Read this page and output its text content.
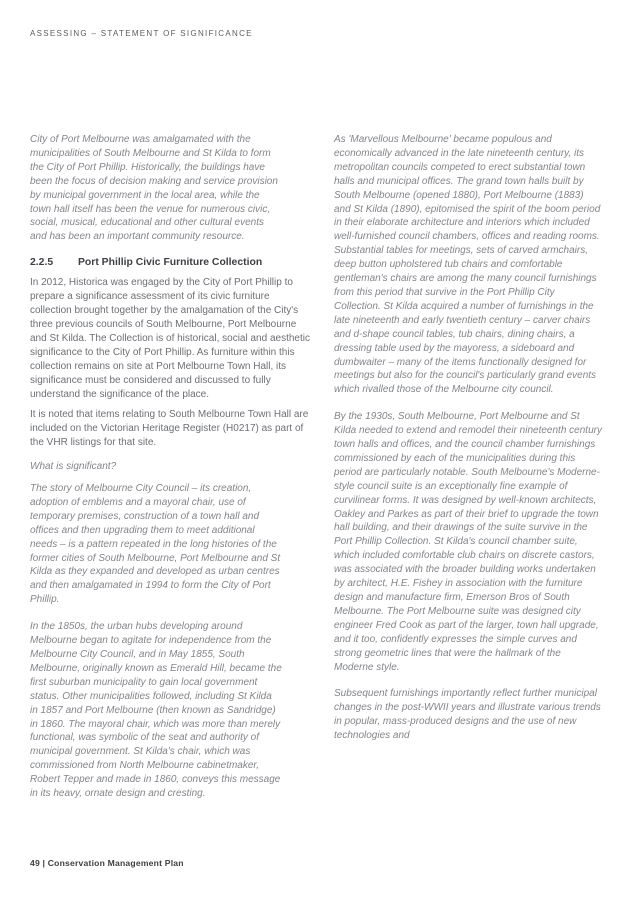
ASSESSING – STATEMENT OF SIGNIFICANCE

City of Port Melbourne was amalgamated with the municipalities of South Melbourne and St Kilda to form the City of Port Phillip. Historically, the buildings have been the focus of decision making and service provision by municipal government in the local area, while the town hall itself has been the venue for numerous civic, social, musical, educational and other cultural events and has been an important community resource.

2.2.5	Port Phillip Civic Furniture Collection

In 2012, Historica was engaged by the City of Port Phillip to prepare a significance assessment of its civic furniture collection brought together by the amalgamation of the City's three previous councils of South Melbourne, Port Melbourne and St Kilda. The Collection is of historical, social and aesthetic significance to the City of Port Phillip. As furniture within this collection remains on site at Port Melbourne Town Hall, its significance must be considered and discussed to fully understand the significance of the place.

It is noted that items relating to South Melbourne Town Hall are included on the Victorian Heritage Register (H0217) as part of the VHR listings for that site.

What is significant?

The story of Melbourne City Council – its creation, adoption of emblems and a mayoral chair, use of temporary premises, construction of a town hall and offices and then upgrading them to meet additional needs – is a pattern repeated in the long histories of the former cities of South Melbourne, Port Melbourne and St Kilda as they expanded and developed as urban centres and then amalgamated in 1994 to form the City of Port Phillip.

In the 1850s, the urban hubs developing around Melbourne began to agitate for independence from the Melbourne City Council, and in May 1855, South Melbourne, originally known as Emerald Hill, became the first suburban municipality to gain local government status. Other municipalities followed, including St Kilda in 1857 and Port Melbourne (then known as Sandridge) in 1860. The mayoral chair, which was more than merely functional, was symbolic of the seat and authority of municipal government. St Kilda's chair, which was commissioned from North Melbourne cabinetmaker, Robert Tepper and made in 1860, conveys this message in its heavy, ornate design and cresting.

As 'Marvellous Melbourne' became populous and economically advanced in the late nineteenth century, its metropolitan councils competed to erect substantial town halls and municipal offices. The grand town halls built by South Melbourne (opened 1880), Port Melbourne (1883) and St Kilda (1890), epitomised the spirit of the boom period in their elaborate architecture and interiors which included well-furnished council chambers, offices and reading rooms. Substantial tables for meetings, sets of carved armchairs, deep button upholstered tub chairs and comfortable gentleman's chairs are among the many council furnishings from this period that survive in the Port Phillip City Collection. St Kilda acquired a number of furnishings in the late nineteenth and early twentieth century – carver chairs and d-shape council tables, tub chairs, dining chairs, a dressing table used by the mayoress, a sideboard and dumbwaiter – many of the items functionally designed for meetings but also for the council's particularly grand events which rivalled those of the Melbourne city council.

By the 1930s, South Melbourne, Port Melbourne and St Kilda needed to extend and remodel their nineteenth century town halls and offices, and the council chamber furnishings commissioned by each of the municipalities during this period are particularly notable. South Melbourne's Moderne-style council suite is an exceptionally fine example of curvilinear forms. It was designed by well-known architects, Oakley and Parkes as part of their brief to upgrade the town hall building, and their drawings of the suite survive in the Port Phillip Collection. St Kilda's council chamber suite, which included comfortable club chairs on discrete castors, was associated with the broader building works undertaken by architect, H.E. Fishey in association with the furniture design and manufacture firm, Emerson Bros of South Melbourne. The Port Melbourne suite was designed city engineer Fred Cook as part of the larger, town hall upgrade, and it too, confidently expresses the simple curves and strong geometric lines that were the hallmark of the Moderne style.

Subsequent furnishings importantly reflect further municipal changes in the post-WWII years and illustrate various trends in popular, mass-produced designs and the use of new technologies and

49 | Conservation Management Plan
